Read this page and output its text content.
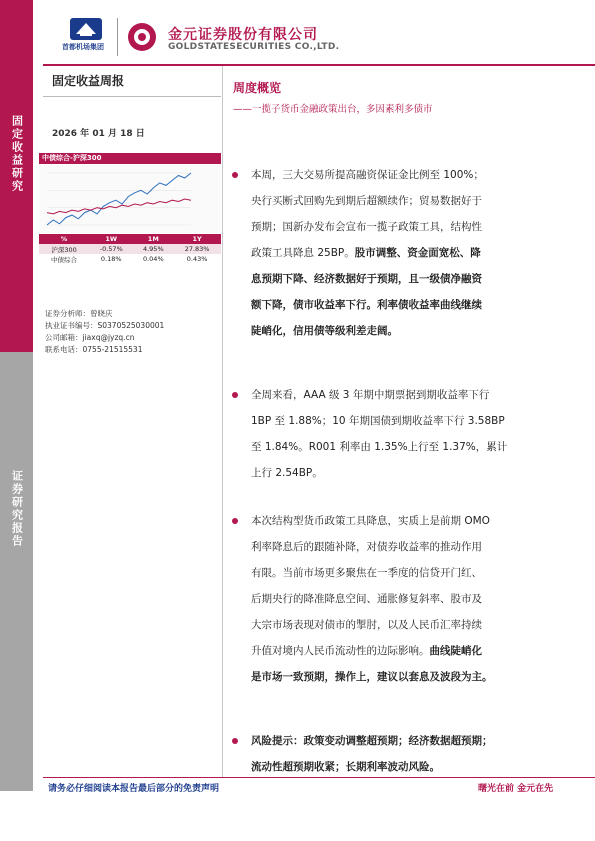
固定收益研究
证券研究报告
首都机场集团
金元证券股份有限公司
GOLDSTATESECURITIES CO.,LTD.
固定收益周报
2026 年 01 月 18 日
中债综合-沪深300
%	1W	1M	1Y
沪深300	-0.57%	4.95%	27.83%
中债综合	0.18%	0.04%	0.43%
证券分析师：曾晓庆
执业证书编号：S0370525030001
公司邮箱：jiaxq@jyzq.cn
联系电话：0755-21515531
周度概览
——一揽子货币金融政策出台，多因素利多债市
本周，三大交易所提高融资保证金比例至 100%；
央行买断式回购先到期后超额续作；贸易数据好于
预期；国新办发布会宣布一揽子政策工具，结构性
政策工具降息 25BP。股市调整、资金面宽松、降
息预期下降、经济数据好于预期，且一级债净融资
额下降，债市收益率下行。利率债收益率曲线继续
陡峭化，信用债等级利差走阔。
全周来看，AAA 级 3 年期中期票据到期收益率下行
1BP 至 1.88%；10 年期国债到期收益率下行 3.58BP
至 1.84%。R001 利率由 1.35%上行至 1.37%，累计
上行 2.54BP。
本次结构型货币政策工具降息，实质上是前期 OMO
利率降息后的跟随补降，对债券收益率的推动作用
有限。当前市场更多聚焦在一季度的信贷开门红、
后期央行的降准降息空间、通胀修复斜率、股市及
大宗市场表现对债市的掣肘，以及人民币汇率持续
升值对境内人民币流动性的边际影响。曲线陡峭化
是市场一致预期，操作上，建议以套息及波段为主。
风险提示：政策变动调整超预期；经济数据超预期；
流动性超预期收紧；长期利率波动风险。
请务必仔细阅读本报告最后部分的免责声明	曙光在前 金元在先
